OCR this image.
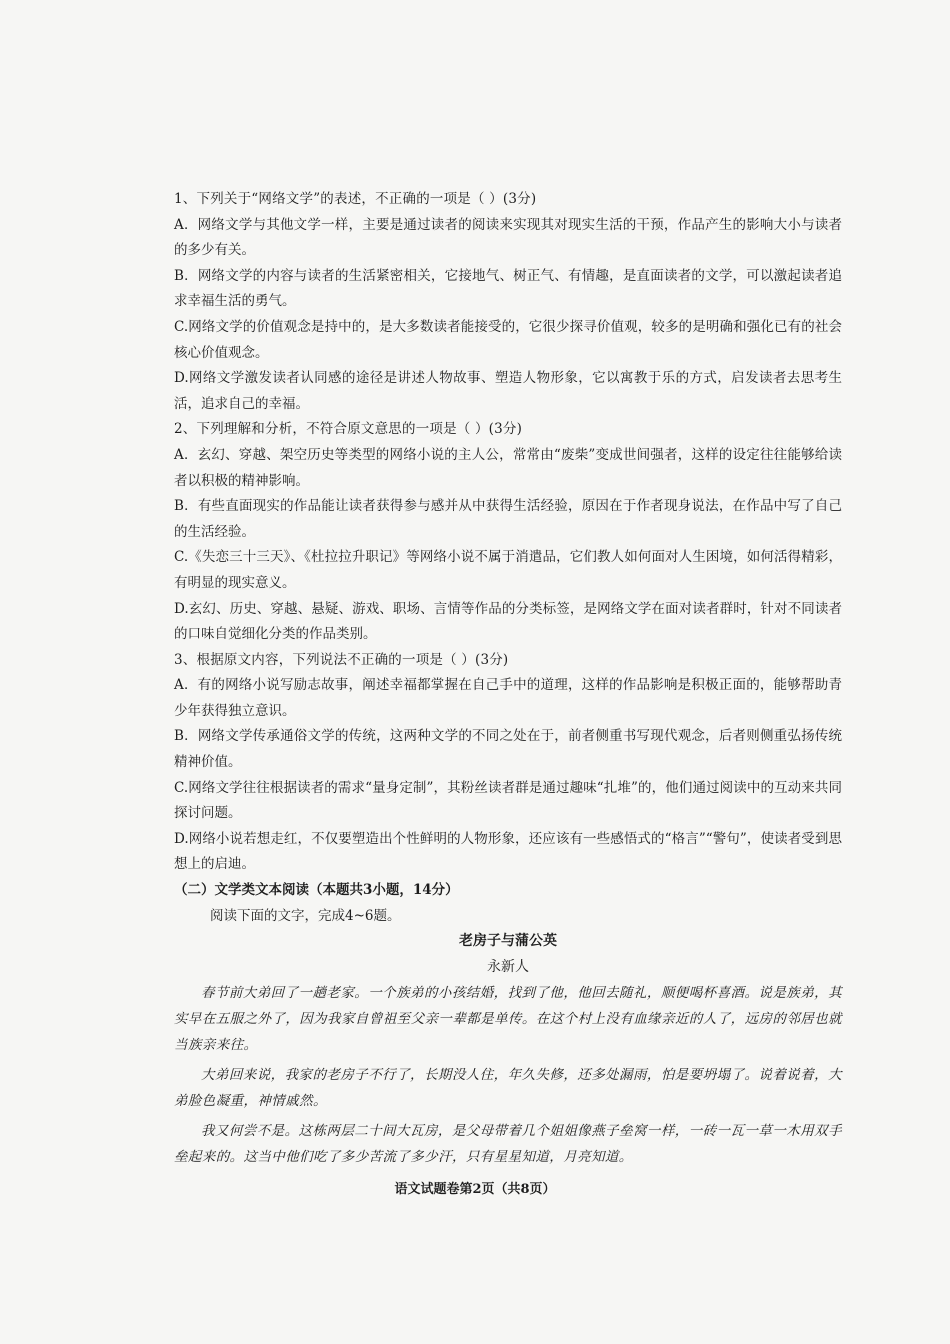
1、下列关于“网络文学”的表述，不正确的一项是（ ）(3分)

A．网络文学与其他文学一样，主要是通过读者的阅读来实现其对现实生活的干预，作品产生的影响大小与读者的多少有关。

B．网络文学的内容与读者的生活紧密相关，它接地气、树正气、有情趣，是直面读者的文学，可以激起读者追求幸福生活的勇气。

C.网络文学的价值观念是持中的，是大多数读者能接受的，它很少探寻价值观，较多的是明确和强化已有的社会核心价值观念。

D.网络文学激发读者认同感的途径是讲述人物故事、塑造人物形象，它以寓教于乐的方式，启发读者去思考生活，追求自己的幸福。

2、下列理解和分析，不符合原文意思的一项是（ ）(3分)

A．玄幻、穿越、架空历史等类型的网络小说的主人公，常常由“废柴”变成世间强者，这样的设定往往能够给读者以积极的精神影响。

B．有些直面现实的作品能让读者获得参与感并从中获得生活经验，原因在于作者现身说法，在作品中写了自己的生活经验。

C.《失恋三十三天》、《杜拉拉升职记》等网络小说不属于消遣品，它们教人如何面对人生困境，如何活得精彩，有明显的现实意义。

D.玄幻、历史、穿越、悬疑、游戏、职场、言情等作品的分类标签，是网络文学在面对读者群时，针对不同读者的口味自觉细化分类的作品类别。

3、根据原文内容，下列说法不正确的一项是（ ）(3分)

A．有的网络小说写励志故事，阐述幸福都掌握在自己手中的道理，这样的作品影响是积极正面的，能够帮助青少年获得独立意识。

B．网络文学传承通俗文学的传统，这两种文学的不同之处在于，前者侧重书写现代观念，后者则侧重弘扬传统精神价值。

C.网络文学往往根据读者的需求“量身定制”，其粉丝读者群是通过趣味“扎堆”的，他们通过阅读中的互动来共同探讨问题。

D.网络小说若想走红，不仅要塑造出个性鲜明的人物形象，还应该有一些感悟式的“格言”“警句”，使读者受到思想上的启迪。

（二）文学类文本阅读（本题共3小题，14分）

阅读下面的文字，完成4~6题。

老房子与蒲公英

永新人

春节前大弟回了一趟老家。一个族弟的小孩结婚，找到了他，他回去随礼，顺便喝杯喜酒。说是族弟，其实早在五服之外了，因为我家自曾祖至父亲一辈都是单传。在这个村上没有血缘亲近的人了，远房的邻居也就当族亲来往。

大弟回来说，我家的老房子不行了，长期没人住，年久失修，还多处漏雨，怕是要坍塌了。说着说着，大弟脸色凝重，神情戚然。

我又何尝不是。这栋两层二十间大瓦房，是父母带着几个姐姐像燕子垒窝一样，一砖一瓦一草一木用双手垒起来的。这当中他们吃了多少苦流了多少汗，只有星星知道，月亮知道。

语文试题卷第2页（共8页）
